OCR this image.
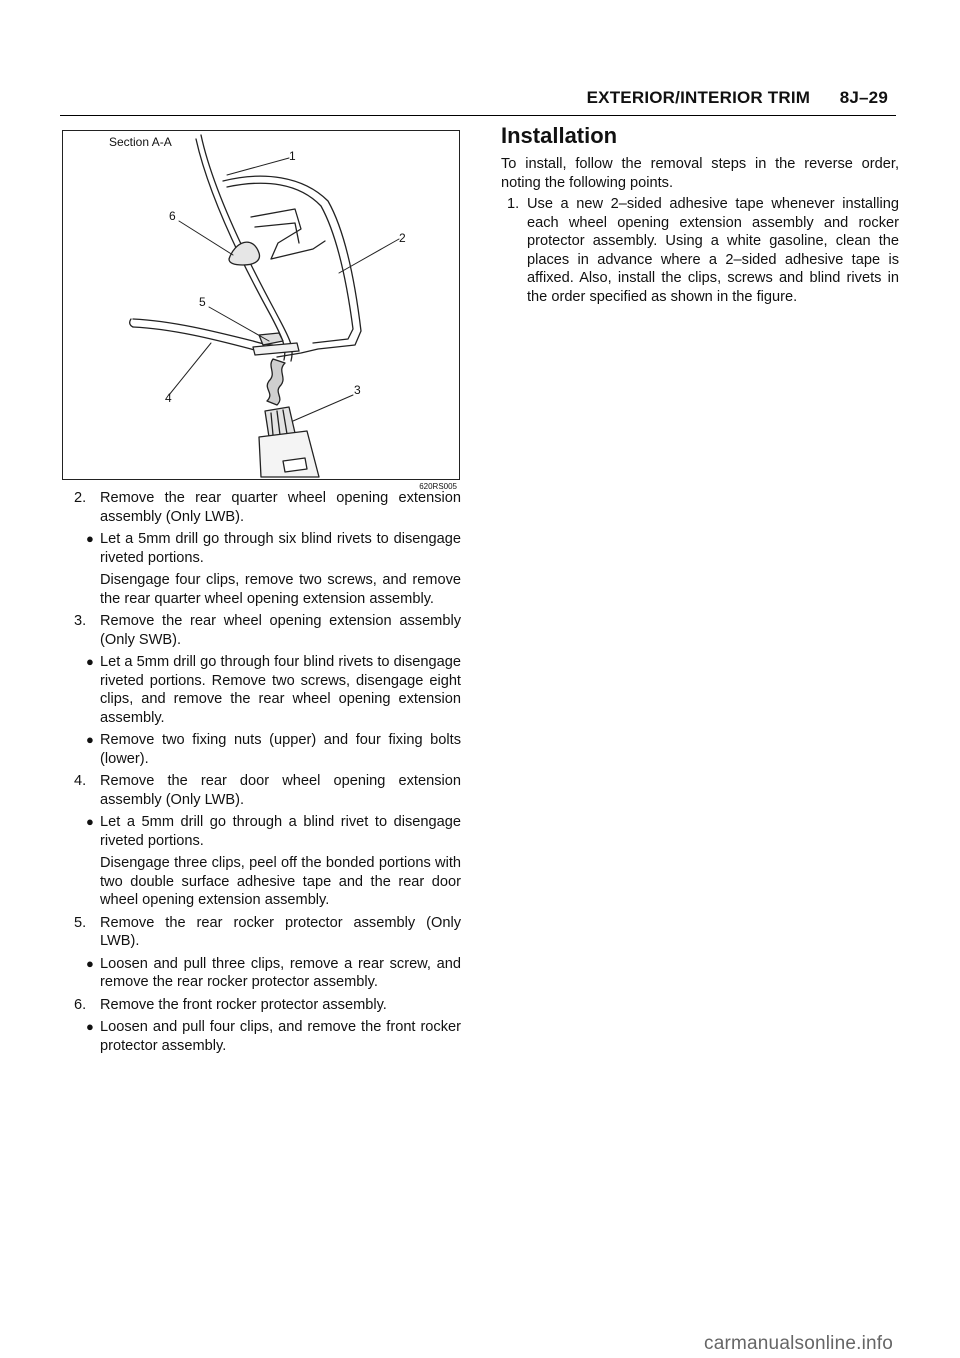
EXTERIOR/INTERIOR TRIM 8J–29
Section A-A
1
2
3
4
5
6
620RS005
2. Remove the rear quarter wheel opening extension assembly (Only LWB).
● Let a 5mm drill go through six blind rivets to disengage riveted portions.
Disengage four clips, remove two screws, and remove the rear quarter wheel opening extension assembly.
3. Remove the rear wheel opening extension assembly (Only SWB).
● Let a 5mm drill go through four blind rivets to disengage riveted portions. Remove two screws, disengage eight clips, and remove the rear wheel opening extension assembly.
● Remove two fixing nuts (upper) and four fixing bolts (lower).
4. Remove the rear door wheel opening extension assembly (Only LWB).
● Let a 5mm drill go through a blind rivet to disengage riveted portions.
Disengage three clips, peel off the bonded portions with two double surface adhesive tape and the rear door wheel opening extension assembly.
5. Remove the rear rocker protector assembly (Only LWB).
● Loosen and pull three clips, remove a rear screw, and remove the rear rocker protector assembly.
6. Remove the front rocker protector assembly.
● Loosen and pull four clips, and remove the front rocker protector assembly.
Installation
To install, follow the removal steps in the reverse order, noting the following points.
1. Use a new 2–sided adhesive tape whenever installing each wheel opening extension assembly and rocker protector assembly. Using a white gasoline, clean the places in advance where a 2–sided adhesive tape is affixed. Also, install the clips, screws and blind rivets in the order specified as shown in the figure.
carmanualsonline.info
